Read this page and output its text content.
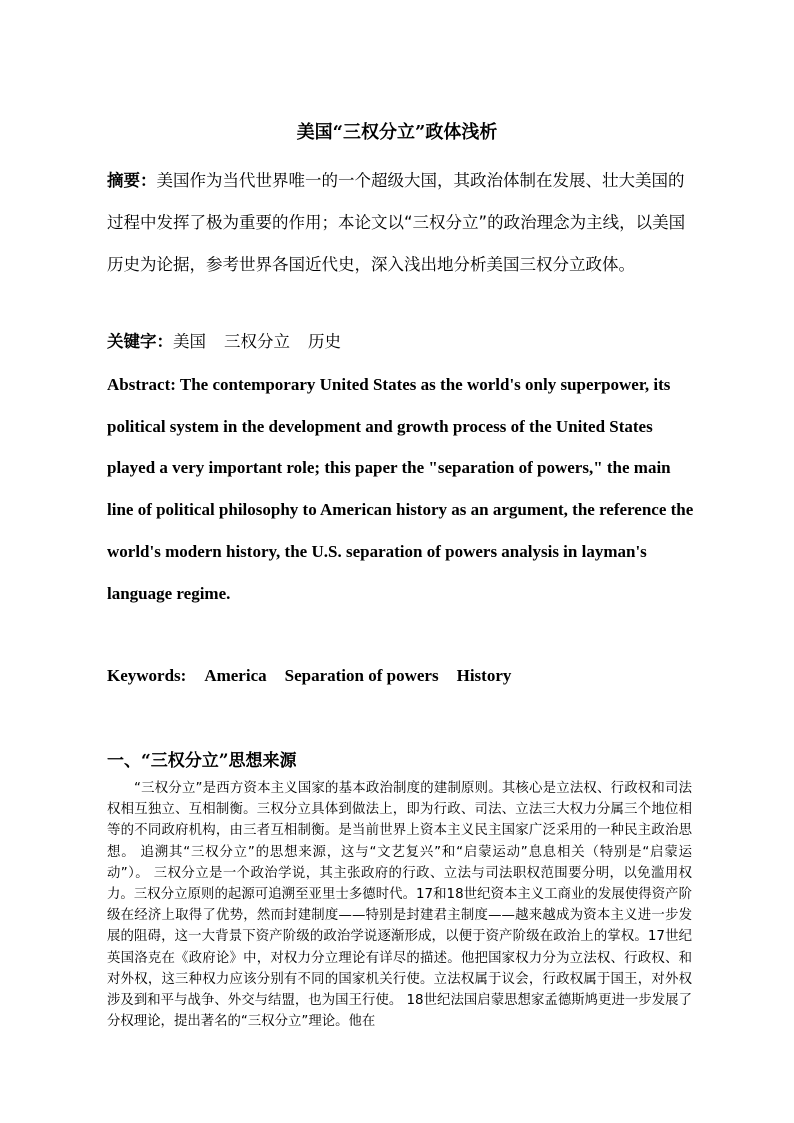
美国“三权分立”政体浅析

摘要：美国作为当代世界唯一的一个超级大国，其政治体制在发展、壮大美国的过程中发挥了极为重要的作用；本论文以“三权分立”的政治理念为主线，以美国历史为论据，参考世界各国近代史，深入浅出地分析美国三权分立政体。

关键字：美国 三权分立 历史

Abstract: The contemporary United States as the world's only superpower, its political system in the development and growth process of the United States played a very important role; this paper the "separation of powers," the main line of political philosophy to American history as an argument, the reference the world's modern history, the U.S. separation of powers analysis in layman's language regime.

Keywords: America Separation of powers History

一、“三权分立”思想来源

“三权分立”是西方资本主义国家的基本政治制度的建制原则。其核心是立法权、行政权和司法权相互独立、互相制衡。三权分立具体到做法上，即为行政、司法、立法三大权力分属三个地位相等的不同政府机构，由三者互相制衡。是当前世界上资本主义民主国家广泛采用的一种民主政治思想。 追溯其“三权分立”的思想来源，这与“文艺复兴”和“启蒙运动”息息相关（特别是“启蒙运动”）。 三权分立是一个政治学说，其主张政府的行政、立法与司法职权范围要分明，以免滥用权力。三权分立原则的起源可追溯至亚里士多德时代。17和18世纪资本主义工商业的发展使得资产阶级在经济上取得了优势，然而封建制度——特别是封建君主制度——越来越成为资本主义进一步发展的阻碍，这一大背景下资产阶级的政治学说逐渐形成，以便于资产阶级在政治上的掌权。17世纪英国洛克在《政府论》中，对权力分立理论有详尽的描述。他把国家权力分为立法权、行政权、和对外权，这三种权力应该分别有不同的国家机关行使。立法权属于议会，行政权属于国王，对外权涉及到和平与战争、外交与结盟，也为国王行使。 18世纪法国启蒙思想家孟德斯鸠更进一步发展了分权理论，提出著名的“三权分立”理论。他在
